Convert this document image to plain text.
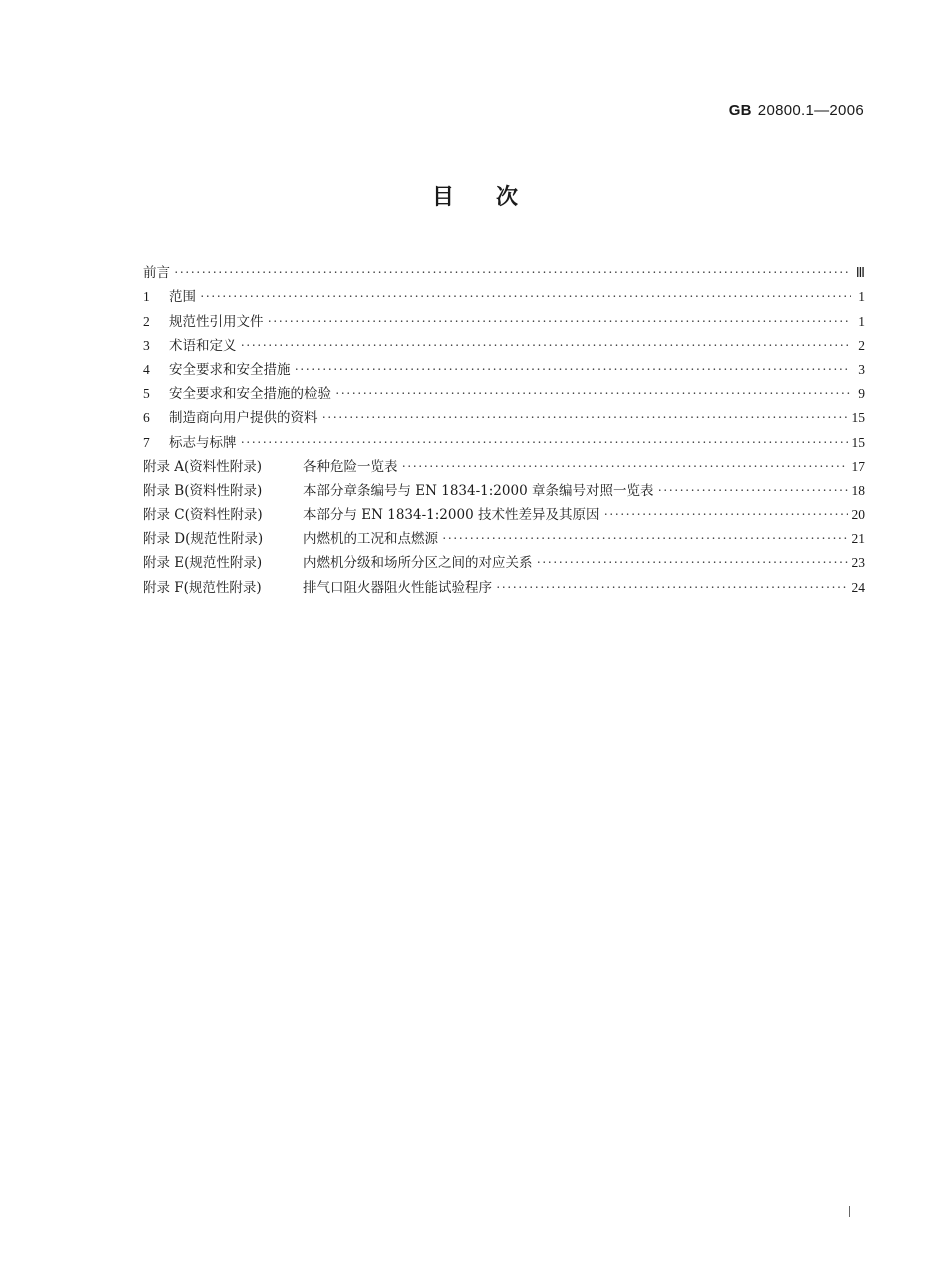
GB 20800.1—2006
目次
前言 ·····	Ⅲ
1	范围 ·····	1
2	规范性引用文件 ·····	1
3	术语和定义 ·····	2
4	安全要求和安全措施 ·····	3
5	安全要求和安全措施的检验 ·····	9
6	制造商向用户提供的资料 ·····	15
7	标志与标牌 ·····	15
附录 A(资料性附录)	各种危险一览表 ·····	17
附录 B(资料性附录)	本部分章条编号与 EN 1834-1:2000 章条编号对照一览表 ·····	18
附录 C(资料性附录)	本部分与 EN 1834-1:2000 技术性差异及其原因 ·····	20
附录 D(规范性附录)	内燃机的工况和点燃源 ·····	21
附录 E(规范性附录)	内燃机分级和场所分区之间的对应关系 ·····	23
附录 F(规范性附录)	排气口阻火器阻火性能试验程序 ·····	24
